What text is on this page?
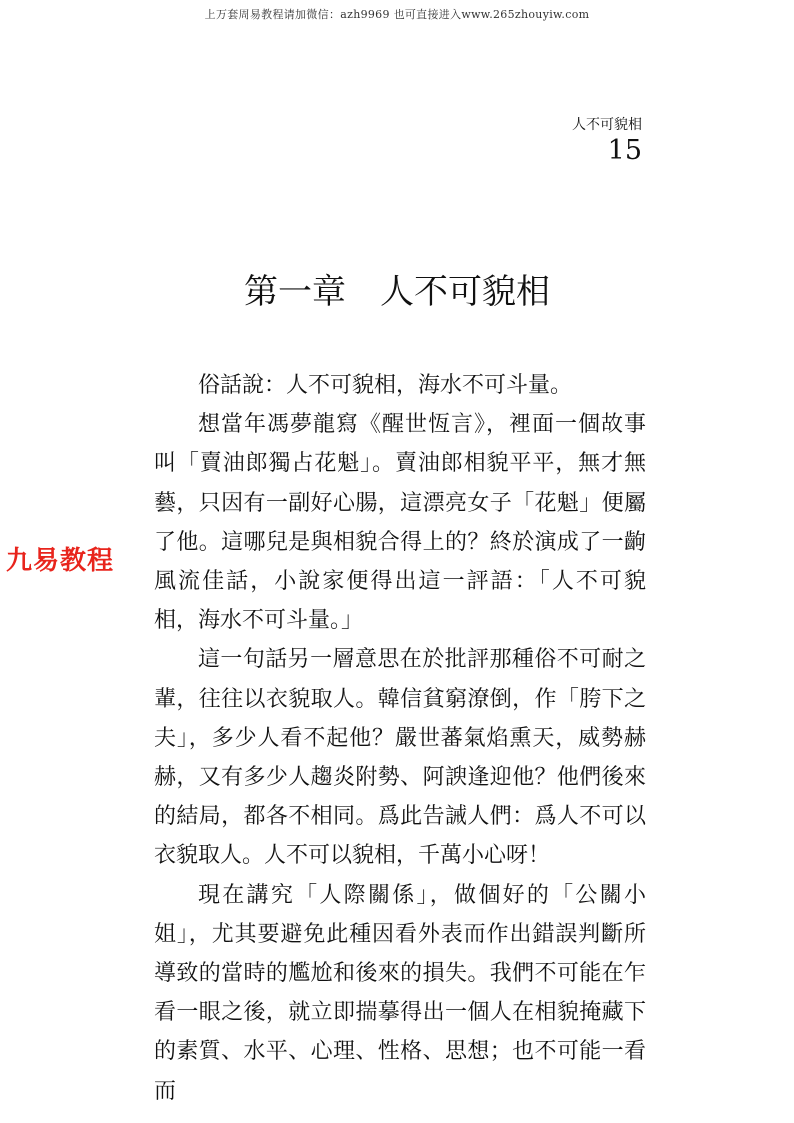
上万套周易教程请加微信：azh9969 也可直接进入www.265zhouyiw.com
人不可貌相
15
第一章　人不可貌相
九易教程

俗話說：人不可貌相，海水不可斗量。

想當年馮夢龍寫《醒世恆言》，裡面一個故事叫「賣油郎獨占花魁」。賣油郎相貌平平，無才無藝，只因有一副好心腸，這漂亮女子「花魁」便屬了他。這哪兒是與相貌合得上的？終於演成了一齣風流佳話，小說家便得出這一評語：「人不可貌相，海水不可斗量。」

這一句話另一層意思在於批評那種俗不可耐之輩，往往以衣貌取人。韓信貧窮潦倒，作「胯下之夫」，多少人看不起他？嚴世蕃氣焰熏天，威勢赫赫，又有多少人趨炎附勢、阿諛逢迎他？他們後來的結局，都各不相同。爲此告誡人們：爲人不可以衣貌取人。人不可以貌相，千萬小心呀！

現在講究「人際關係」，做個好的「公關小姐」，尤其要避免此種因看外表而作出錯誤判斷所導致的當時的尷尬和後來的損失。我們不可能在乍看一眼之後，就立即揣摹得出一個人在相貌掩藏下的素質、水平、心理、性格、思想；也不可能一看而
